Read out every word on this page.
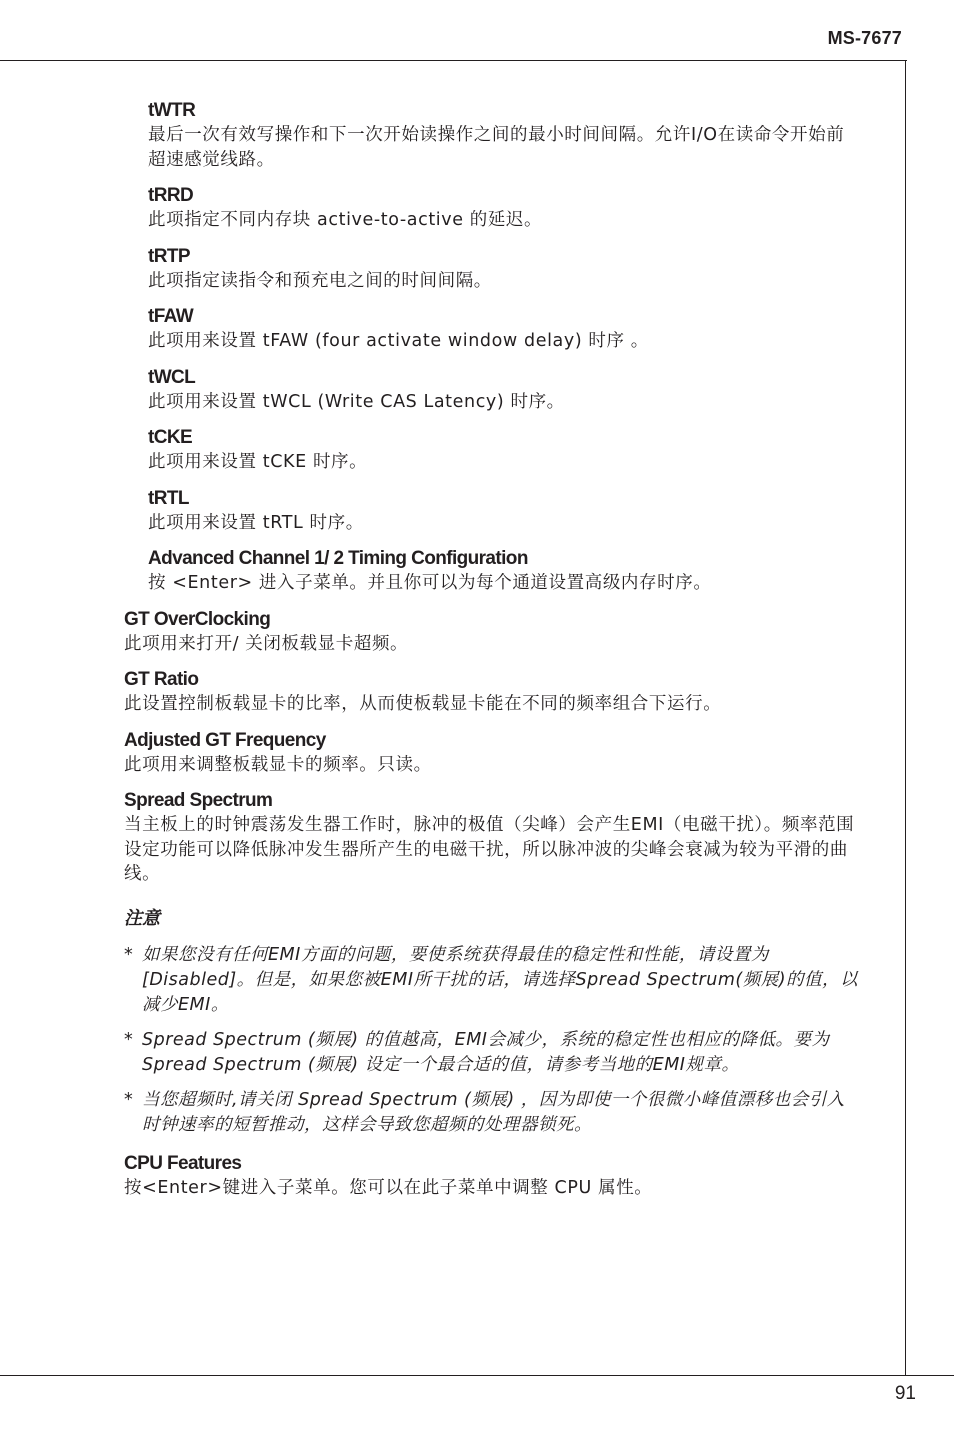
MS-7677
tWTR
最后一次有效写操作和下一次开始读操作之间的最小时间间隔。允许I/O在读命令开始前超速感觉线路。
tRRD
此项指定不同内存块 active-to-active 的延迟。
tRTP
此项指定读指令和预充电之间的时间间隔。
tFAW
此项用来设置 tFAW (four activate window delay) 时序 。
tWCL
此项用来设置 tWCL (Write CAS Latency) 时序。
tCKE
此项用来设置 tCKE 时序。
tRTL
此项用来设置 tRTL 时序。
Advanced Channel 1/ 2 Timing Configuration
按 <Enter> 进入子菜单。并且你可以为每个通道设置高级内存时序。
GT OverClocking
此项用来打开/ 关闭板载显卡超频。
GT Ratio
此设置控制板载显卡的比率，从而使板载显卡能在不同的频率组合下运行。
Adjusted GT Frequency
此项用来调整板载显卡的频率。只读。
Spread Spectrum
当主板上的时钟震荡发生器工作时，脉冲的极值（尖峰）会产生EMI（电磁干扰）。频率范围设定功能可以降低脉冲发生器所产生的电磁干扰，所以脉冲波的尖峰会衰减为较为平滑的曲线。
注意
* 如果您没有任何EMI方面的问题，要使系统获得最佳的稳定性和性能，请设置为[Disabled]。但是，如果您被EMI所干扰的话，请选择Spread Spectrum(频展)的值，以减少EMI。
* Spread Spectrum (频展) 的值越高，EMI会减少，系统的稳定性也相应的降低。要为Spread Spectrum (频展) 设定一个最合适的值，请参考当地的EMI规章。
* 当您超频时,请关闭 Spread Spectrum (频展) ，因为即使一个很微小峰值漂移也会引入时钟速率的短暂推动，这样会导致您超频的处理器锁死。
CPU Features
按<Enter>键进入子菜单。您可以在此子菜单中调整 CPU 属性。
91
